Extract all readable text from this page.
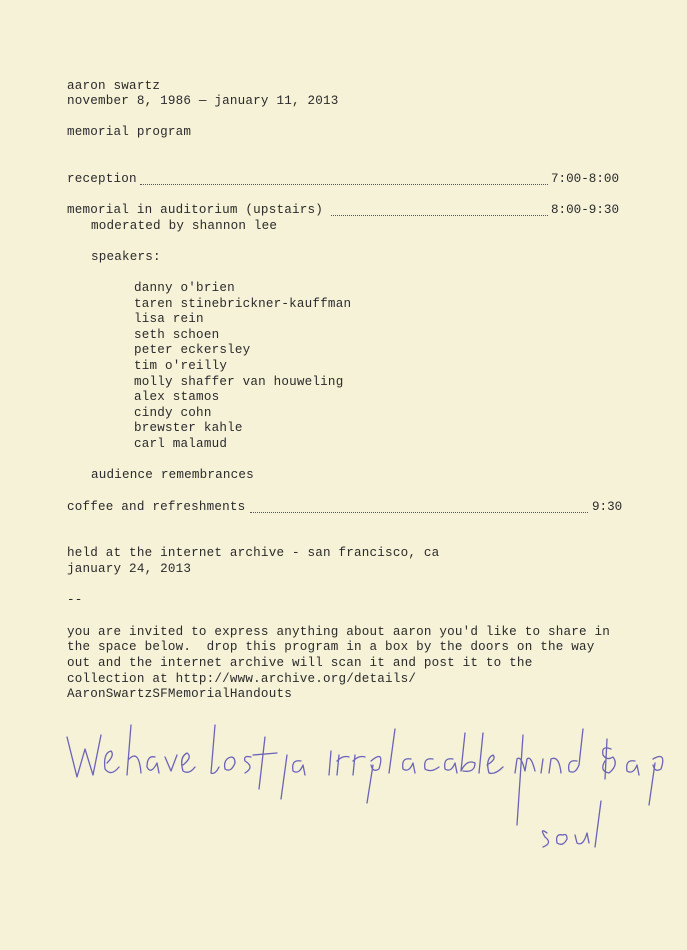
aaron swartz
november 8, 1986 — january 11, 2013
memorial program
reception	7:00-8:00
memorial in auditorium (upstairs)	8:00-9:30
moderated by shannon lee
speakers:
danny o'brien
taren stinebrickner-kauffman
lisa rein
seth schoen
peter eckersley
tim o'reilly
molly shaffer van houweling
alex stamos
cindy cohn
brewster kahle
carl malamud
audience remembrances
coffee and refreshments	9:30
held at the internet archive - san francisco, ca
january 24, 2013
--
you are invited to express anything about aaron you'd like to share in
the space below.  drop this program in a box by the doors on the way
out and the internet archive will scan it and post it to the
collection at http://www.archive.org/details/
AaronSwartzSFMemorialHandouts
